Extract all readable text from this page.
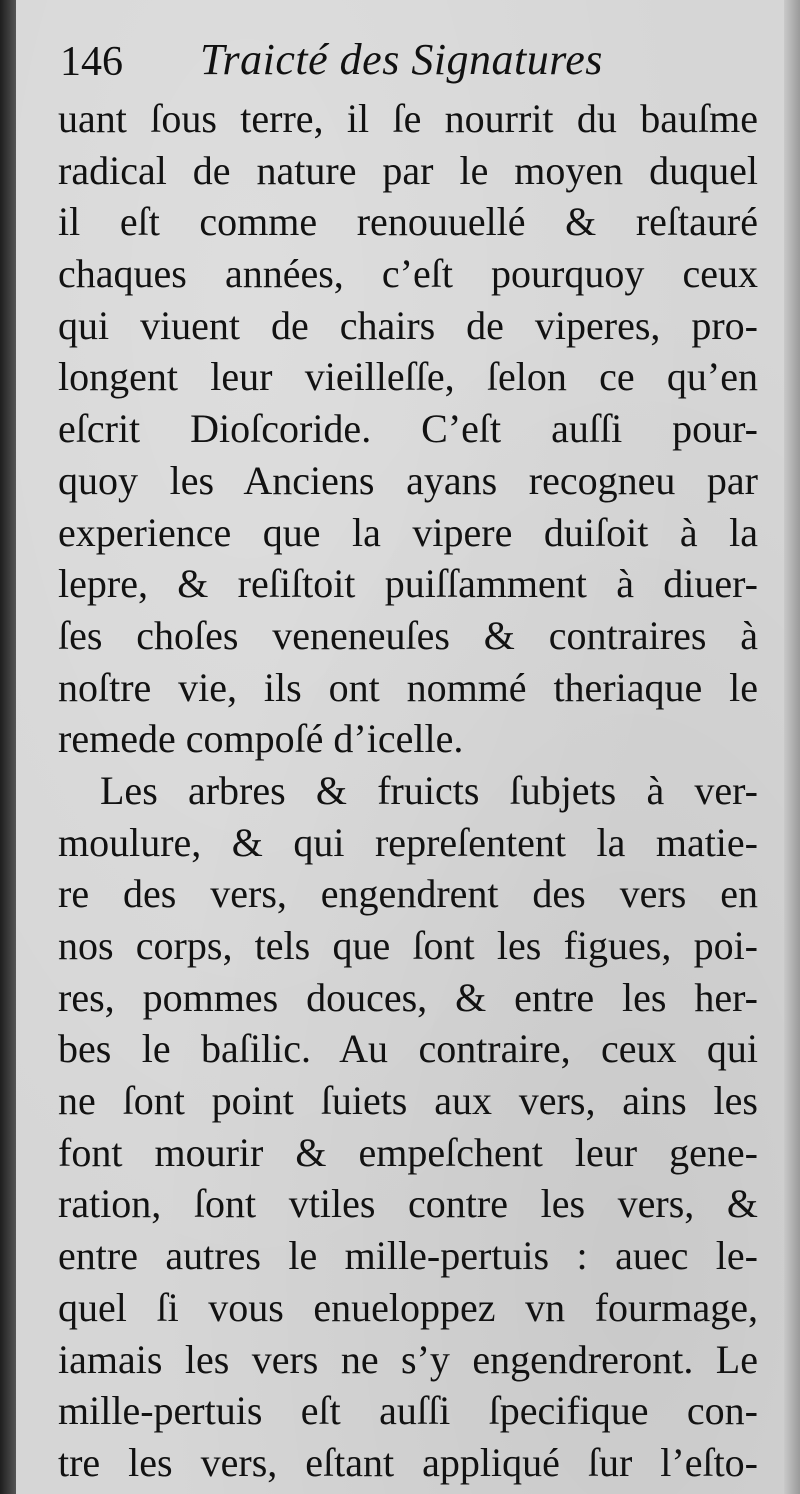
146 Traicté des Signatures
uant ſous terre, il ſe nourrit du bauſme
radical de nature par le moyen duquel
il eſt comme renouuellé & reſtauré
chaques années, c’eſt pourquoy ceux
qui viuent de chairs de viperes, pro-
longent leur vieilleſſe, ſelon ce qu’en
eſcrit Dioſcoride. C’eſt auſſi pour-
quoy les Anciens ayans recogneu par
experience que la vipere duiſoit à la
lepre, & reſiſtoit puiſſamment à diuer-
ſes choſes veneneuſes & contraires à
noſtre vie, ils ont nommé theriaque le
remede compoſé d’icelle.
Les arbres & fruicts ſubjets à ver-
moulure, & qui repreſentent la matie-
re des vers, engendrent des vers en
nos corps, tels que ſont les figues, poi-
res, pommes douces, & entre les her-
bes le baſilic. Au contraire, ceux qui
ne ſont point ſuiets aux vers, ains les
font mourir & empeſchent leur gene-
ration, ſont vtiles contre les vers, &
entre autres le mille-pertuis : auec le-
quel ſi vous enueloppez vn fourmage,
iamais les vers ne s’y engendreront. Le
mille-pertuis eſt auſſi ſpecifique con-
tre les vers, eſtant appliqué ſur l’eſto-
